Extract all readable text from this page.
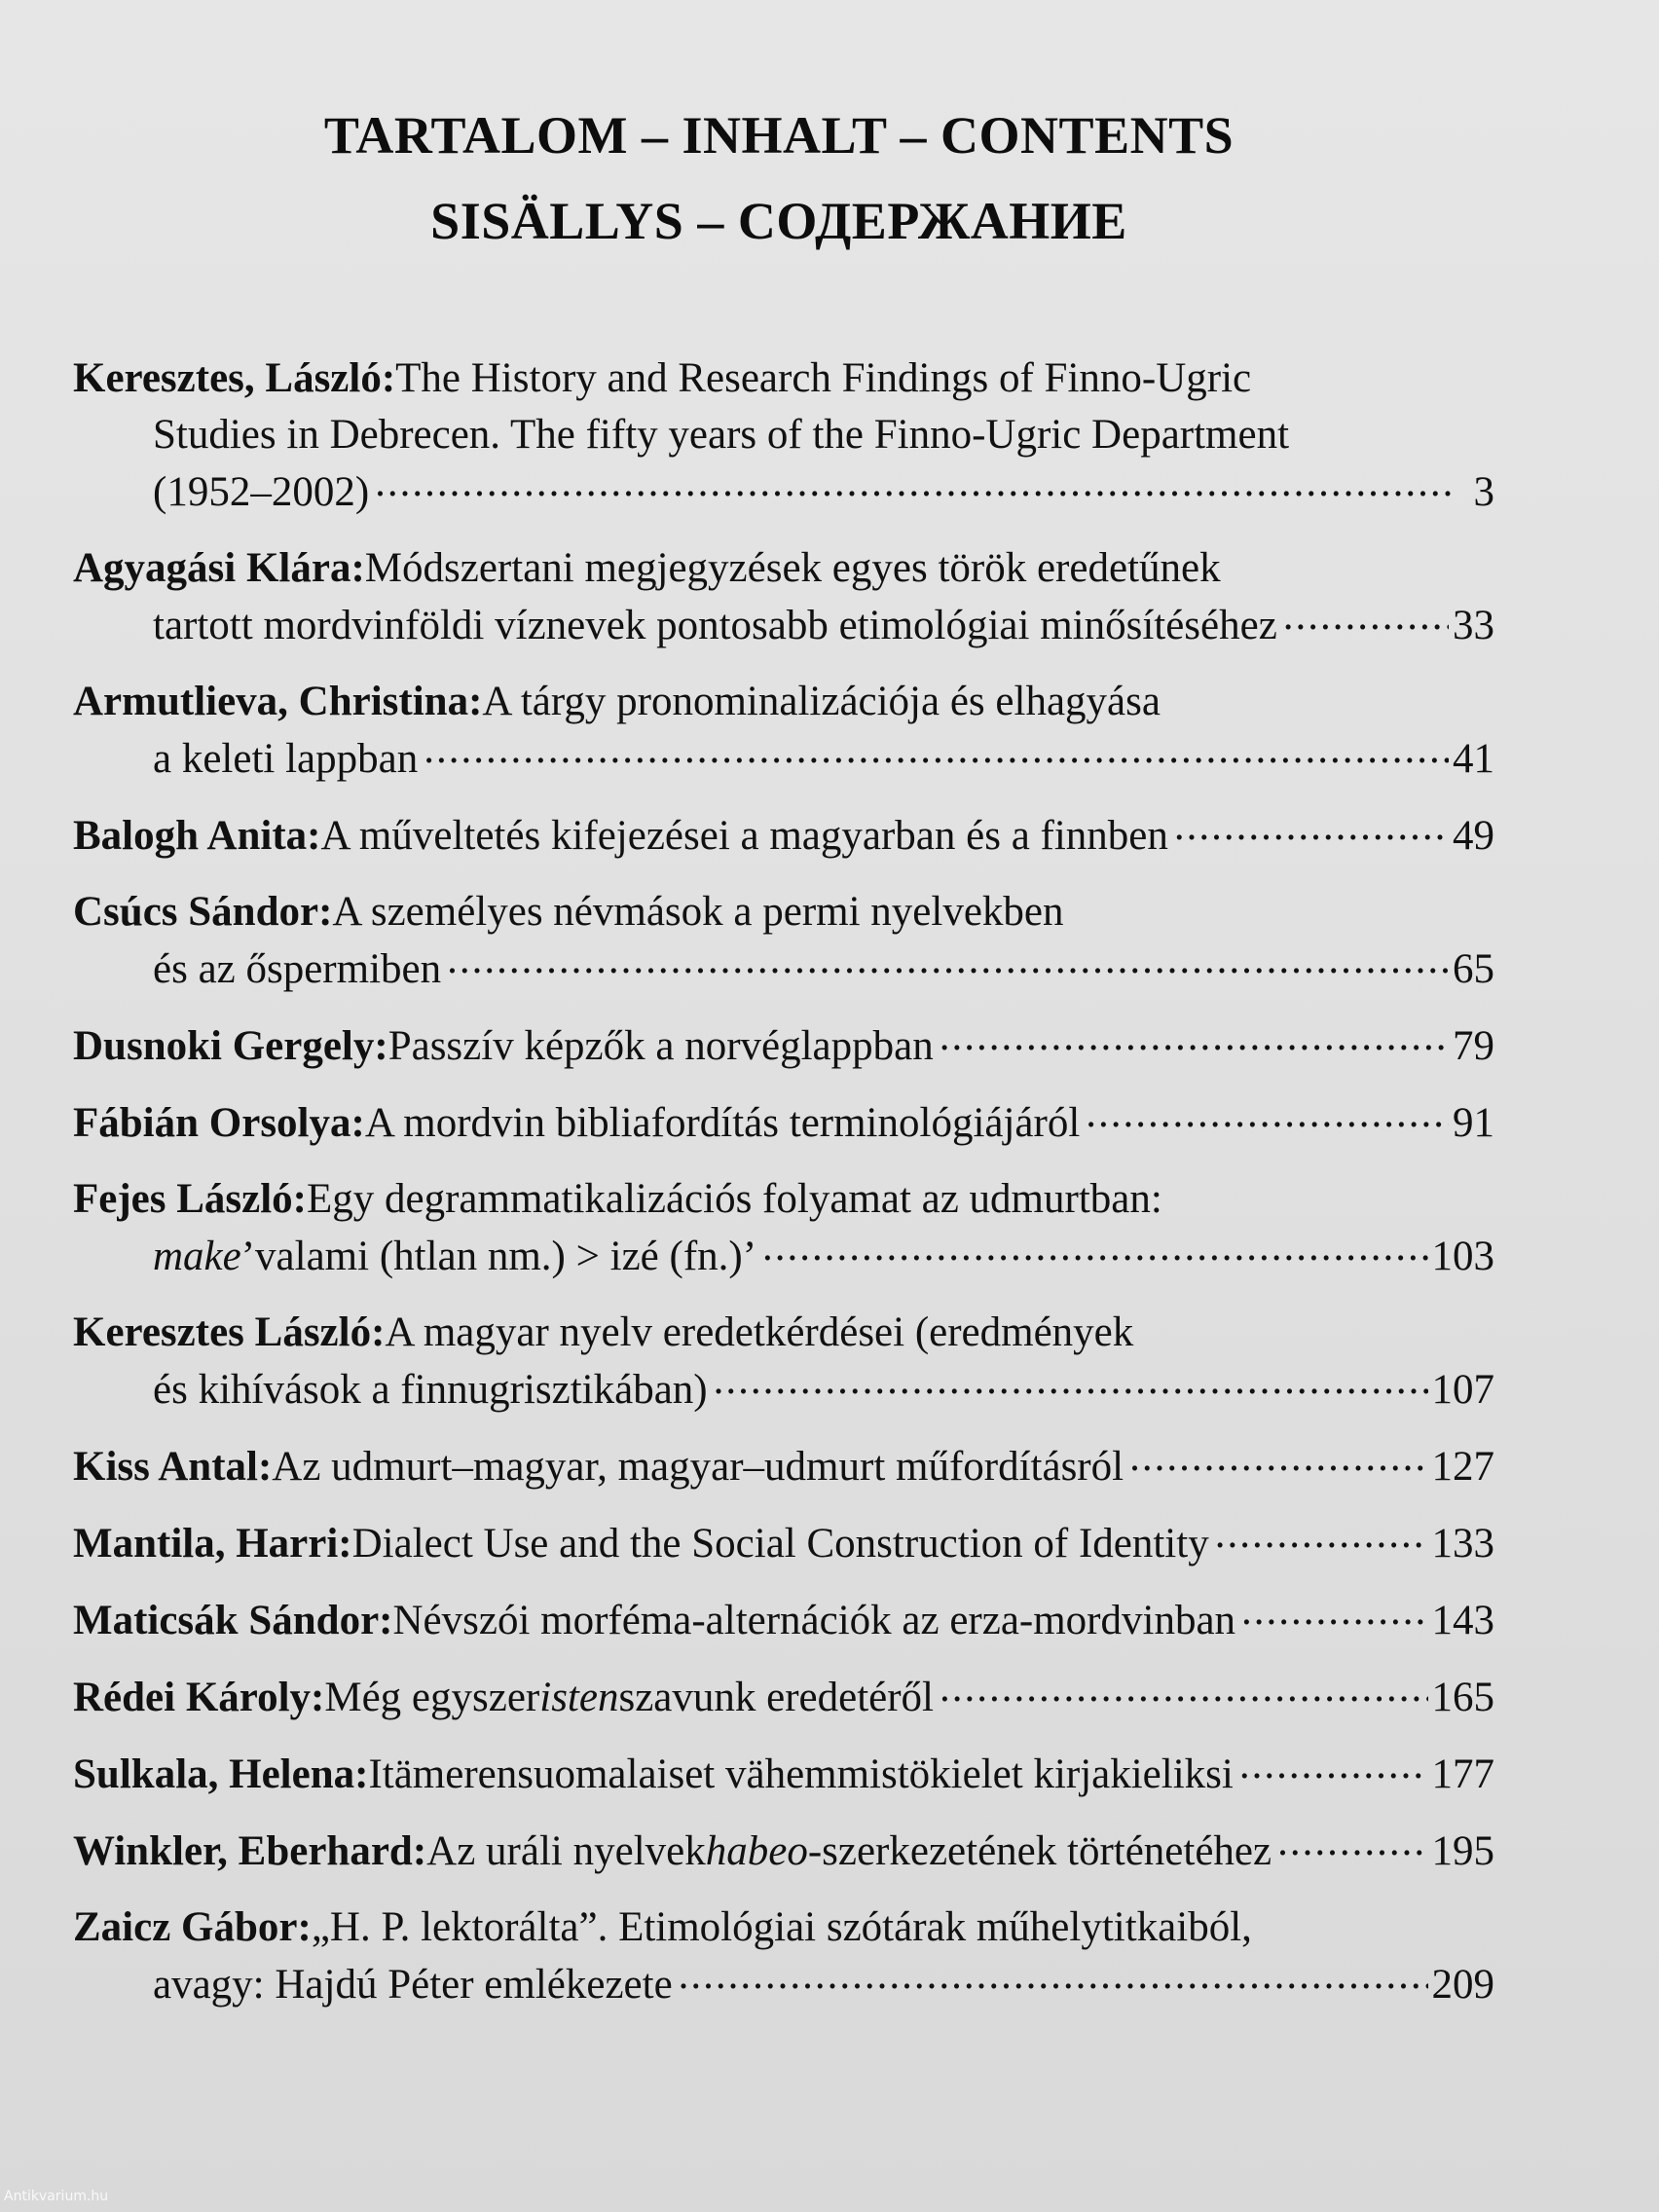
TARTALOM – INHALT – CONTENTS
SISÄLLYS – СОДЕРЖАНИЕ
Keresztes, László: The History and Research Findings of Finno-Ugric
Studies in Debrecen. The fifty years of the Finno-Ugric Department
(1952–2002) .....	3
Agyagási Klára: Módszertani megjegyzések egyes török eredetűnek
tartott mordvinföldi víznevek pontosabb etimológiai minősítéséhez .....	33
Armutlieva, Christina: A tárgy pronominalizációja és elhagyása
a keleti lappban .....	41
Balogh Anita: A műveltetés kifejezései a magyarban és a finnben .....	49
Csúcs Sándor: A személyes névmások a permi nyelvekben
és az őspermiben .....	65
Dusnoki Gergely: Passzív képzők a norvéglappban .....	79
Fábián Orsolya: A mordvin bibliafordítás terminológiájáról .....	91
Fejes László: Egy degrammatikalizációs folyamat az udmurtban:
make ’valami (htlan nm.) > izé (fn.)’ .....	103
Keresztes László: A magyar nyelv eredetkérdései (eredmények
és kihívások a finnugrisztikában) .....	107
Kiss Antal: Az udmurt–magyar, magyar–udmurt műfordításról .....	127
Mantila, Harri: Dialect Use and the Social Construction of Identity .....	133
Maticsák Sándor: Névszói morféma-alternációk az erza-mordvinban .....	143
Rédei Károly: Még egyszer isten szavunk eredetéről .....	165
Sulkala, Helena: Itämerensuomalaiset vähemmistökielet kirjakieliksi .....	177
Winkler, Eberhard: Az uráli nyelvek habeo -szerkezetének történetéhez .....	195
Zaicz Gábor: „H. P. lektorálta”. Etimológiai szótárak műhelytitkaiból,
avagy: Hajdú Péter emlékezete .....	209
Antikvarium.hu
